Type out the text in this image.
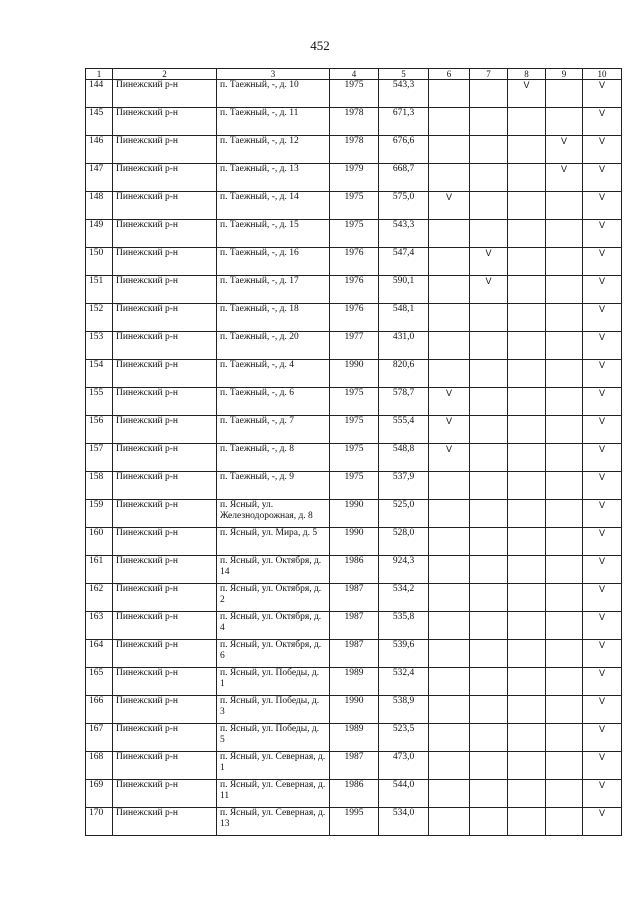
452
1	2	3	4	5	6	7	8	9	10
144	Пинежский р-н	п. Таежный, -, д. 10	1975	543,3			V		V
145	Пинежский р-н	п. Таежный, -, д. 11	1978	671,3					V
146	Пинежский р-н	п. Таежный, -, д. 12	1978	676,6				V	V
147	Пинежский р-н	п. Таежный, -, д. 13	1979	668,7				V	V
148	Пинежский р-н	п. Таежный, -, д. 14	1975	575,0	V				V
149	Пинежский р-н	п. Таежный, -, д. 15	1975	543,3					V
150	Пинежский р-н	п. Таежный, -, д. 16	1976	547,4		V			V
151	Пинежский р-н	п. Таежный, -, д. 17	1976	590,1		V			V
152	Пинежский р-н	п. Таежный, -, д. 18	1976	548,1					V
153	Пинежский р-н	п. Таежный, -, д. 20	1977	431,0					V
154	Пинежский р-н	п. Таежный, -, д. 4	1990	820,6					V
155	Пинежский р-н	п. Таежный, -, д. 6	1975	578,7	V				V
156	Пинежский р-н	п. Таежный, -, д. 7	1975	555,4	V				V
157	Пинежский р-н	п. Таежный, -, д. 8	1975	548,8	V				V
158	Пинежский р-н	п. Таежный, -, д. 9	1975	537,9					V
159	Пинежский р-н	п. Ясный, ул. Железнодорожная, д. 8	1990	525,0					V
160	Пинежский р-н	п. Ясный, ул. Мира, д. 5	1990	528,0					V
161	Пинежский р-н	п. Ясный, ул. Октября, д. 14	1986	924,3					V
162	Пинежский р-н	п. Ясный, ул. Октября, д. 2	1987	534,2					V
163	Пинежский р-н	п. Ясный, ул. Октября, д. 4	1987	535,8					V
164	Пинежский р-н	п. Ясный, ул. Октября, д. 6	1987	539,6					V
165	Пинежский р-н	п. Ясный, ул. Победы, д. 1	1989	532,4					V
166	Пинежский р-н	п. Ясный, ул. Победы, д. 3	1990	538,9					V
167	Пинежский р-н	п. Ясный, ул. Победы, д. 5	1989	523,5					V
168	Пинежский р-н	п. Ясный, ул. Северная, д. 1	1987	473,0					V
169	Пинежский р-н	п. Ясный, ул. Северная, д. 11	1986	544,0					V
170	Пинежский р-н	п. Ясный, ул. Северная, д. 13	1995	534,0					V
